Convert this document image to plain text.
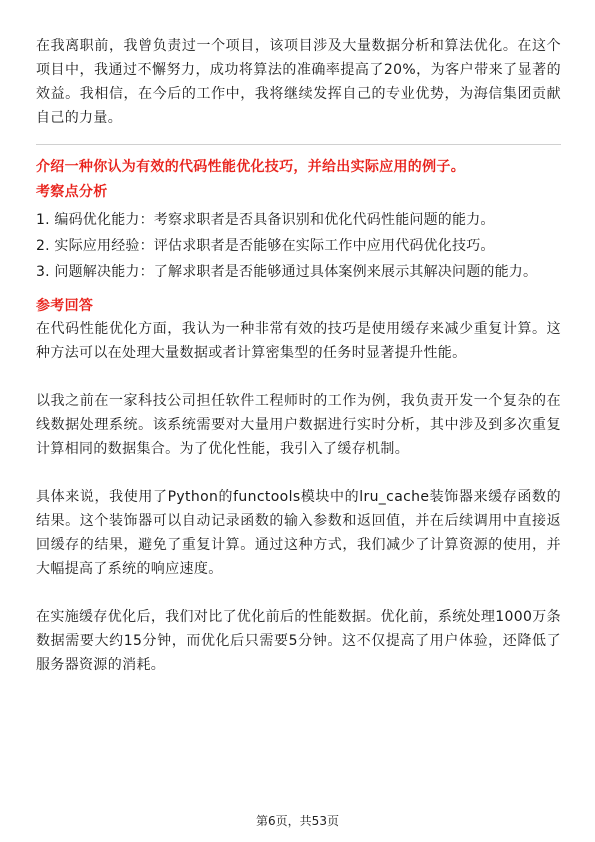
在我离职前，我曾负责过一个项目，该项目涉及大量数据分析和算法优化。在这个项目中，我通过不懈努力，成功将算法的准确率提高了20%，为客户带来了显著的效益。我相信，在今后的工作中，我将继续发挥自己的专业优势，为海信集团贡献自己的力量。

介绍一种你认为有效的代码性能优化技巧，并给出实际应用的例子。

考察点分析

1. 编码优化能力：考察求职者是否具备识别和优化代码性能问题的能力。
2. 实际应用经验：评估求职者是否能够在实际工作中应用代码优化技巧。
3. 问题解决能力：了解求职者是否能够通过具体案例来展示其解决问题的能力。

参考回答

在代码性能优化方面，我认为一种非常有效的技巧是使用缓存来减少重复计算。这种方法可以在处理大量数据或者计算密集型的任务时显著提升性能。

以我之前在一家科技公司担任软件工程师时的工作为例，我负责开发一个复杂的在线数据处理系统。该系统需要对大量用户数据进行实时分析，其中涉及到多次重复计算相同的数据集合。为了优化性能，我引入了缓存机制。

具体来说，我使用了Python的functools模块中的lru_cache装饰器来缓存函数的结果。这个装饰器可以自动记录函数的输入参数和返回值，并在后续调用中直接返回缓存的结果，避免了重复计算。通过这种方式，我们减少了计算资源的使用，并大幅提高了系统的响应速度。

在实施缓存优化后，我们对比了优化前后的性能数据。优化前，系统处理1000万条数据需要大约15分钟，而优化后只需要5分钟。这不仅提高了用户体验，还降低了服务器资源的消耗。

第6页，共53页
